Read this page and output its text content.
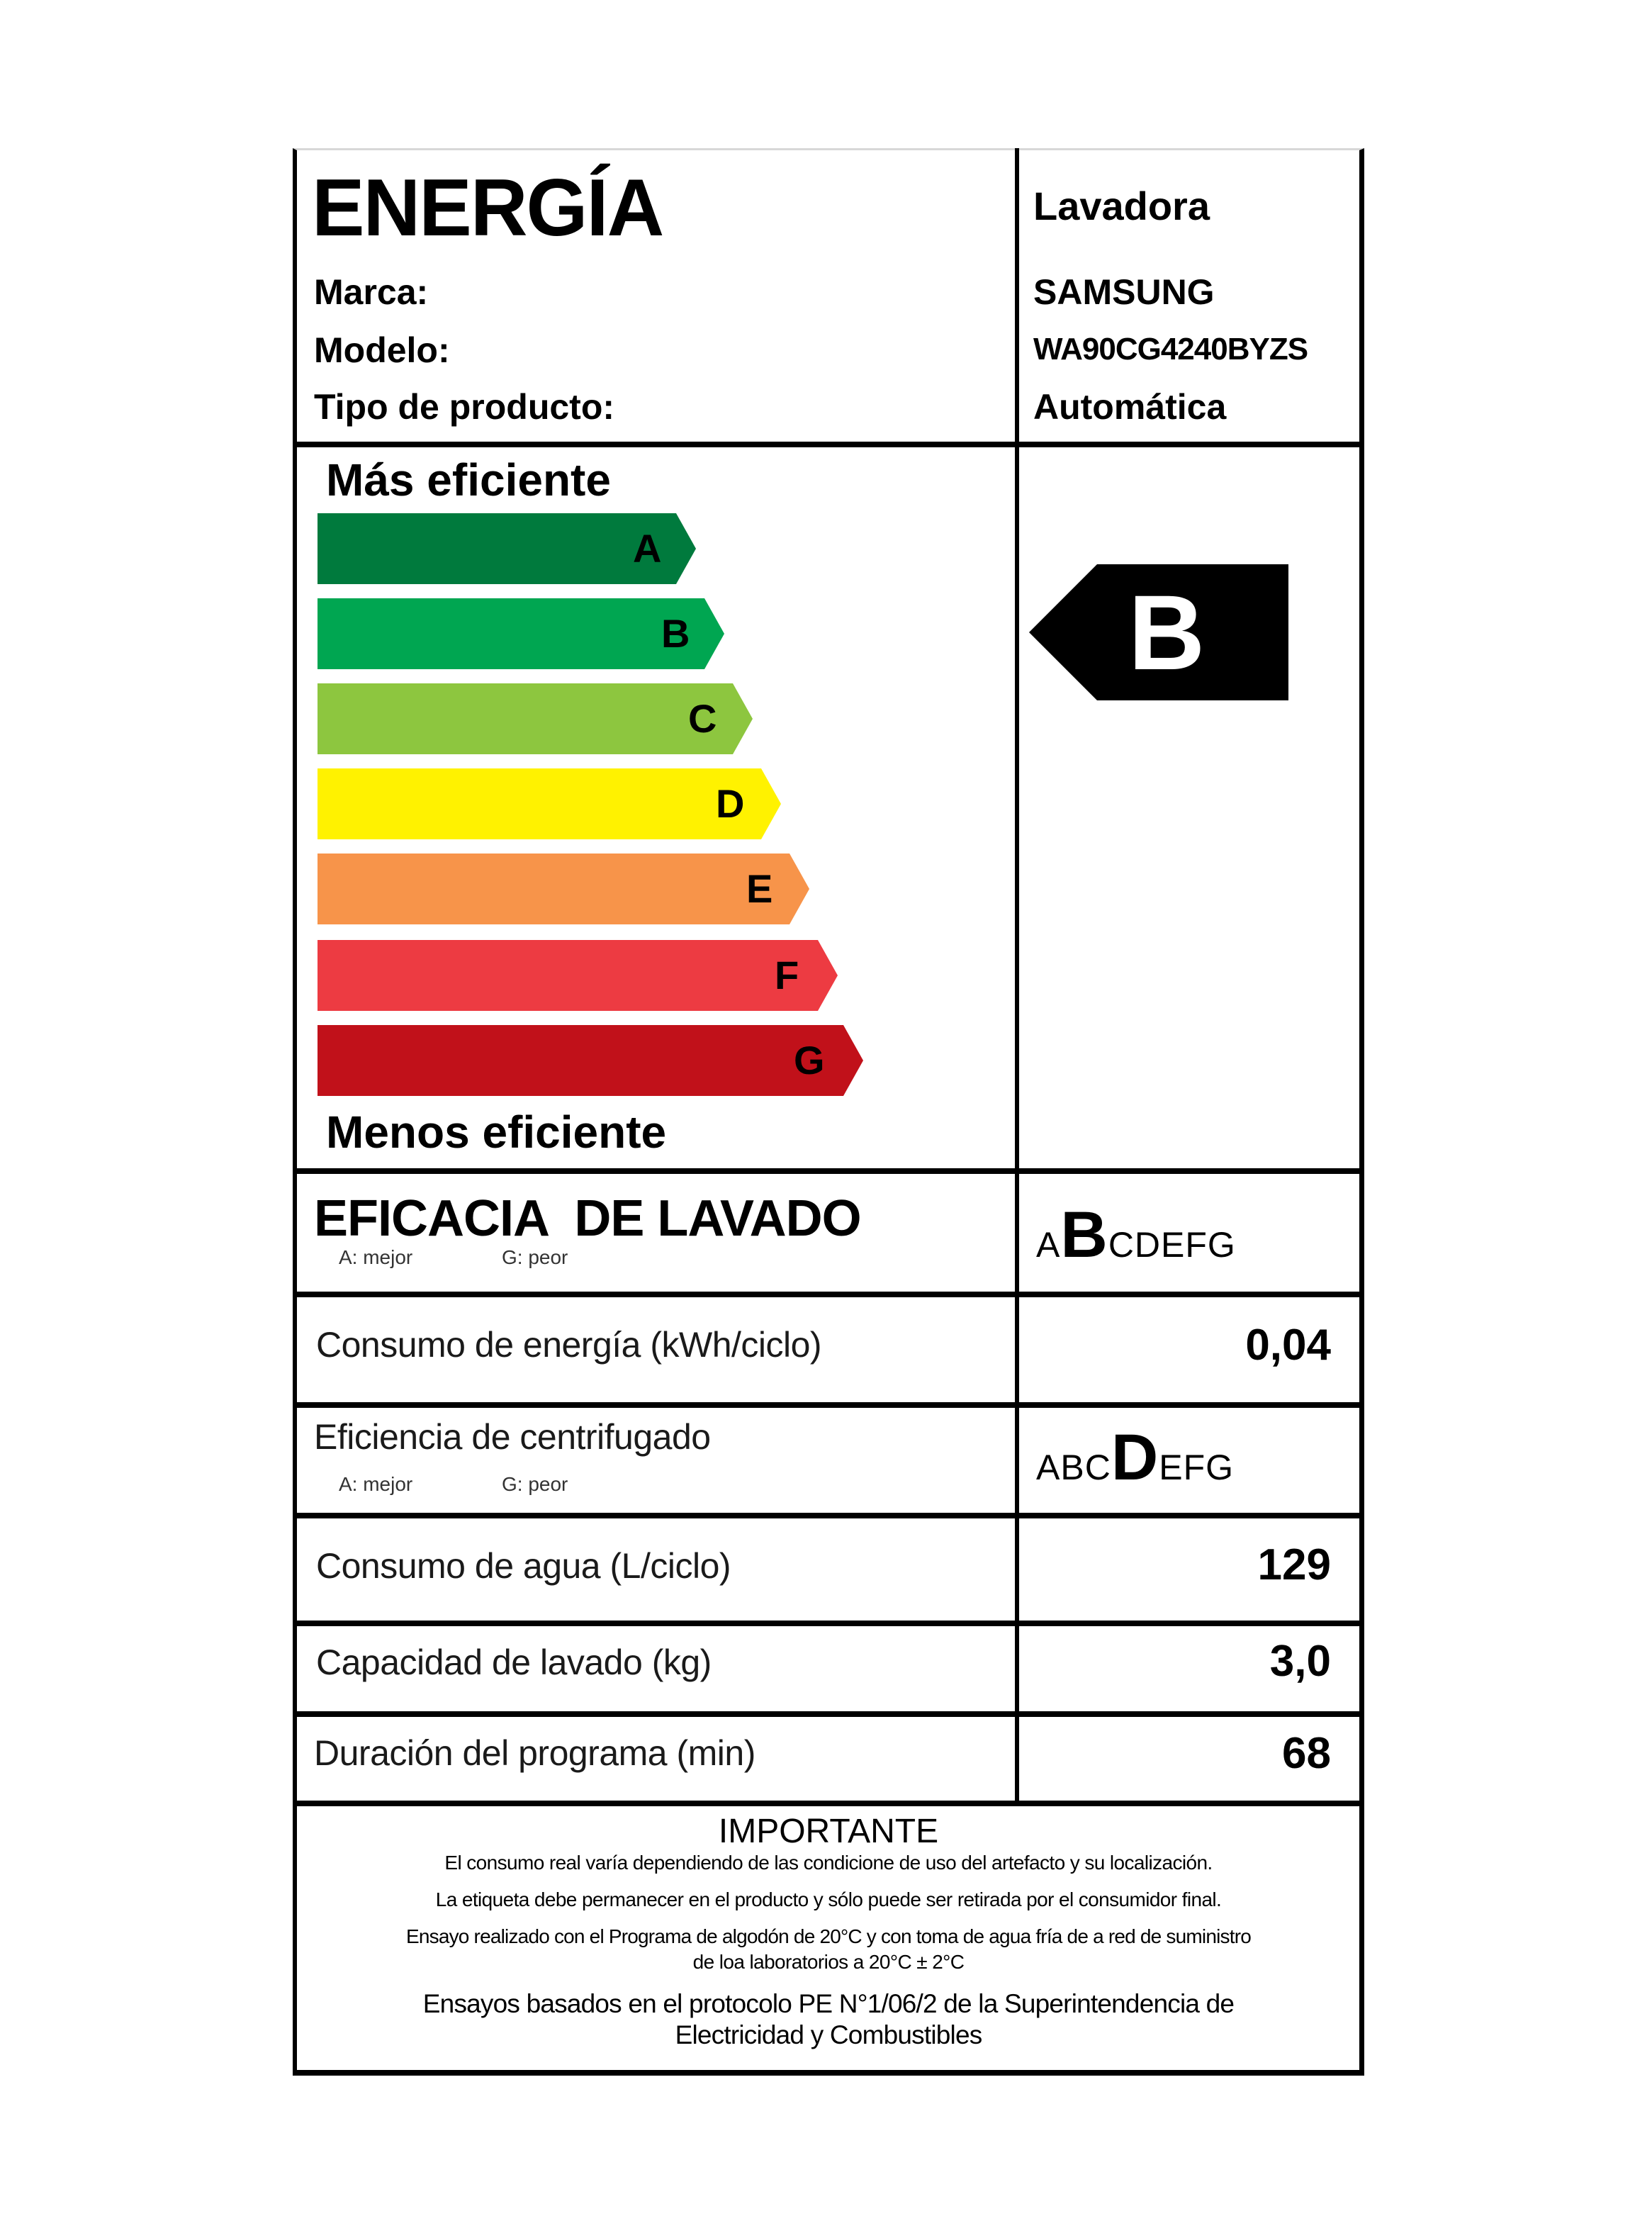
ENERGÍA	Lavadora
Marca:	SAMSUNG
Modelo:	WA90CG4240BYZS
Tipo de producto:	Automática
Más eficiente
A
B
C
D
E
F
G
Menos eficiente
B
EFICACIA  DE LAVADO
A: mejor	G: peor	ABCDEFG
Consumo de energía (kWh/ciclo)	0,04
Eficiencia de centrifugado
A: mejor	G: peor	ABCDEFG
Consumo de agua (L/ciclo)	129
Capacidad de lavado (kg)	3,0
Duración del programa (min)	68
IMPORTANTE
El consumo real varía dependiendo de las condicione de uso del artefacto y su localización.
La etiqueta debe permanecer en el producto y sólo puede ser retirada por el consumidor final.
Ensayo realizado con el Programa de algodón de 20°C y con toma de agua fría de a red de suministro
de loa laboratorios a 20°C ± 2°C
Ensayos basados en el protocolo PE N°1/06/2 de la Superintendencia de
Electricidad y Combustibles
